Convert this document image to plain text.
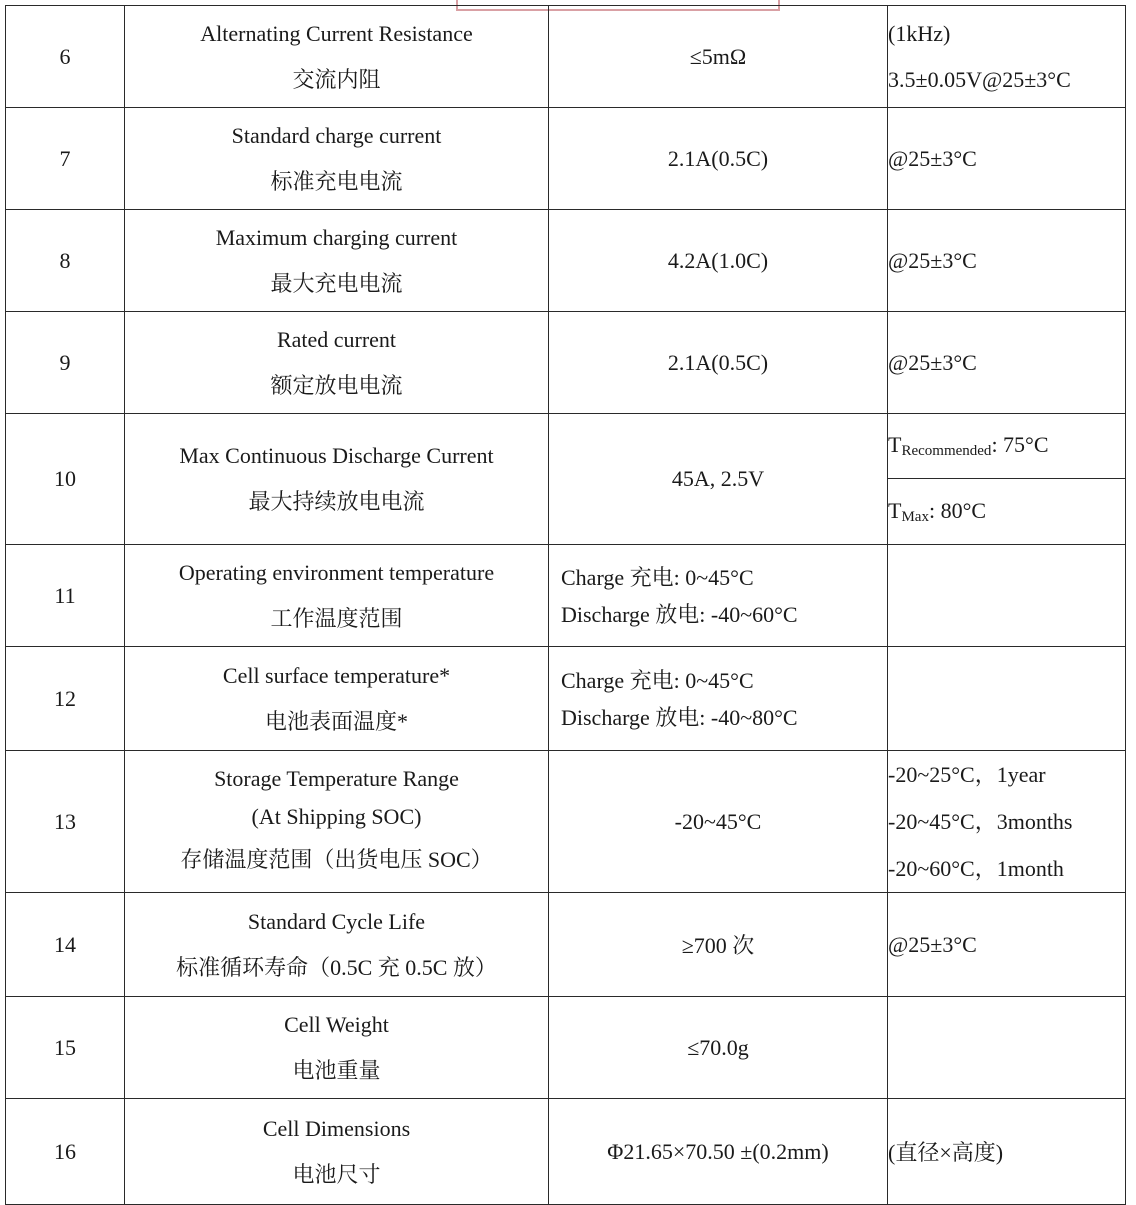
6	Alternating Current Resistance
交流内阻	≤5mΩ	(1kHz)
3.5±0.05V@25±3°C

7	Standard charge current
标准充电电流	2.1A(0.5C)	@25±3°C
8	Maximum charging current
最大充电电流	4.2A(1.0C)	@25±3°C
9	Rated current
额定放电电流	2.1A(0.5C)	@25±3°C
10	Max Continuous Discharge Current
最大持续放电电流	45A, 2.5V	$T_{Recommended}$: 75°C
			$T_{Max}$: 80°C
11	Operating environment temperature
工作温度范围	Charge 充电: 0~45°C
Discharge 放电: -40~60°C	

12	Cell surface temperature*
电池表面温度*	Charge 充电: 0~45°C
Discharge 放电: -40~80°C	

13	Storage Temperature Range
(At Shipping SOC)
存储温度范围（出货电压 SOC）	-20~45°C	-20~25°C，1year
-20~45°C，3months
-20~60°C，1month

14	Standard Cycle Life
标准循环寿命（0.5C 充 0.5C 放）	≥700 次	@25±3°C
15	Cell Weight
电池重量	≤70.0g	
16	Cell Dimensions
电池尺寸	Φ21.65×70.50 ±(0.2mm)	(直径×高度)
